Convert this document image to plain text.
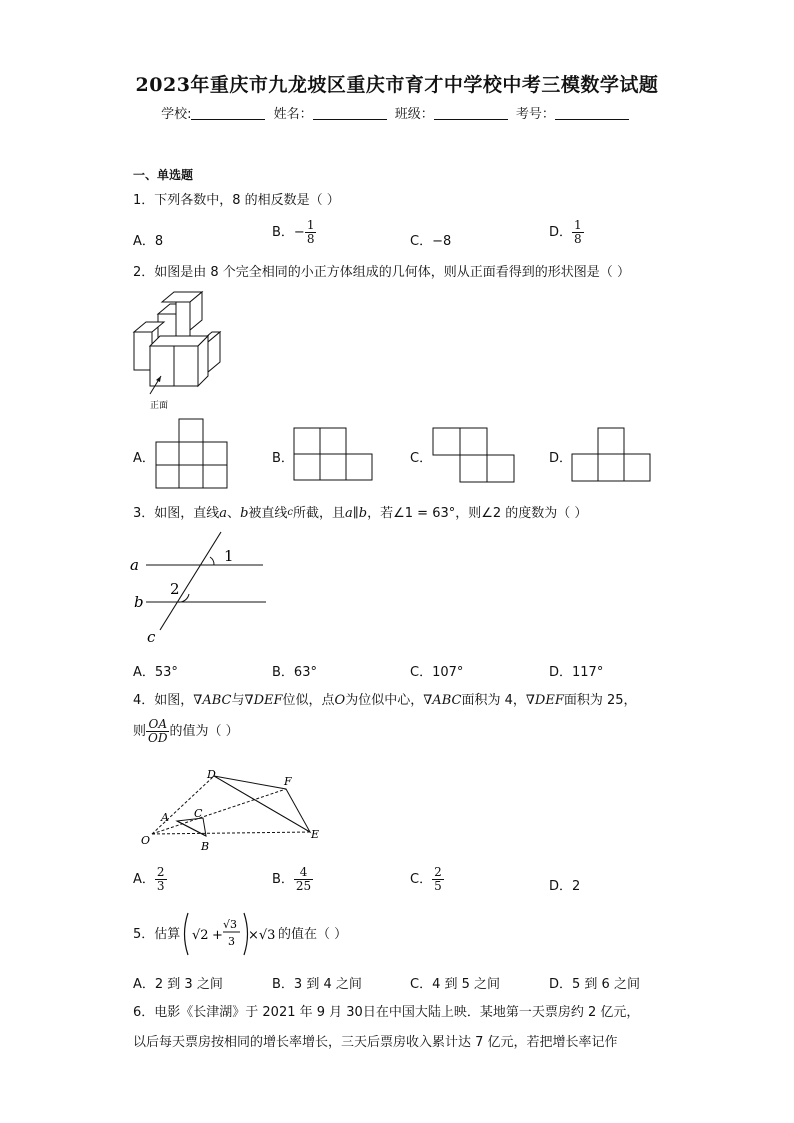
2023年重庆市九龙坡区重庆市育才中学校中考三模数学试题
学校:	姓名：	班级：	考号：
一、单选题
1．下列各数中，8 的相反数是（ ）
A．8
B．− $\frac{1}{8}$	C．−8
D． $\frac{1}{8}$
2．如图是由 8 个完全相同的小正方体组成的几何体，则从正面看得到的形状图是（ ）
正面
A．	B．	C．	D．
3．如图，直线a、b被直线c所截，且a∥b，若∠1 = 63°，则∠2 的度数为（ ）
a
b
c
1
2
A．53°	B．63°	C．107°	D．117°
4．如图，∇ABC与∇DEF位似，点O为位似中心，∇ABC面积为 4，∇DEF面积为 25，
则 $\frac{OA}{OD}$ 的值为（ ）
D
F
A C
O	B
E
A． $\frac{2}{3}$	B． $\frac{4}{25}$	C． $\frac{2}{5}$	D．2
5．估算 √2 +
√3
3 ×√3 的值在（ ）
A．2 到 3 之间	B．3 到 4 之间	C．4 到 5 之间	D．5 到 6 之间
6．电影《长津湖》于 2021 年 9 月 30日在中国大陆上映．某地第一天票房约 2 亿元，
以后每天票房按相同的增长率增长，三天后票房收入累计达 7 亿元，若把增长率记作
